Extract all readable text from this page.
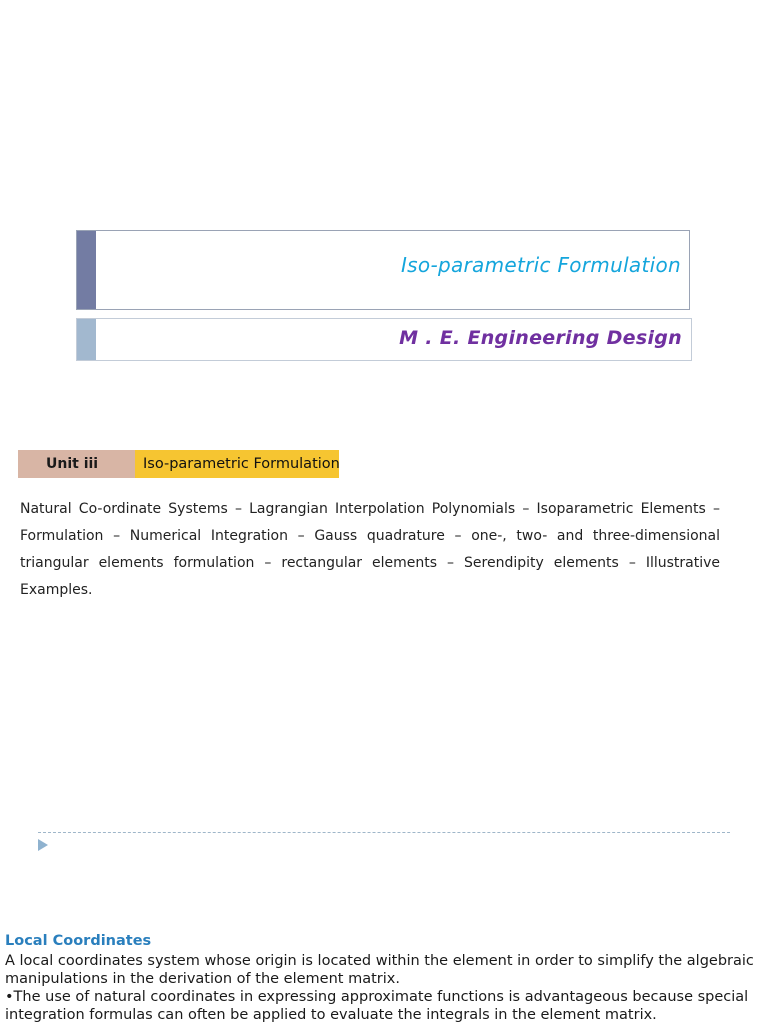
Iso-parametric Formulation
M . E. Engineering Design
Unit iii	Iso-parametric Formulation
Natural Co-ordinate Systems – Lagrangian Interpolation Polynomials – Isoparametric Elements – Formulation – Numerical Integration – Gauss quadrature – one-, two- and three-dimensional triangular elements formulation – rectangular elements – Serendipity elements – Illustrative Examples.
Local Coordinates

A local coordinates system whose origin is located within the element in order to simplify the algebraic manipulations in the derivation of the element matrix.

•The use of natural coordinates in expressing approximate functions is advantageous because special integration formulas can often be applied to evaluate the integrals in the element matrix.
